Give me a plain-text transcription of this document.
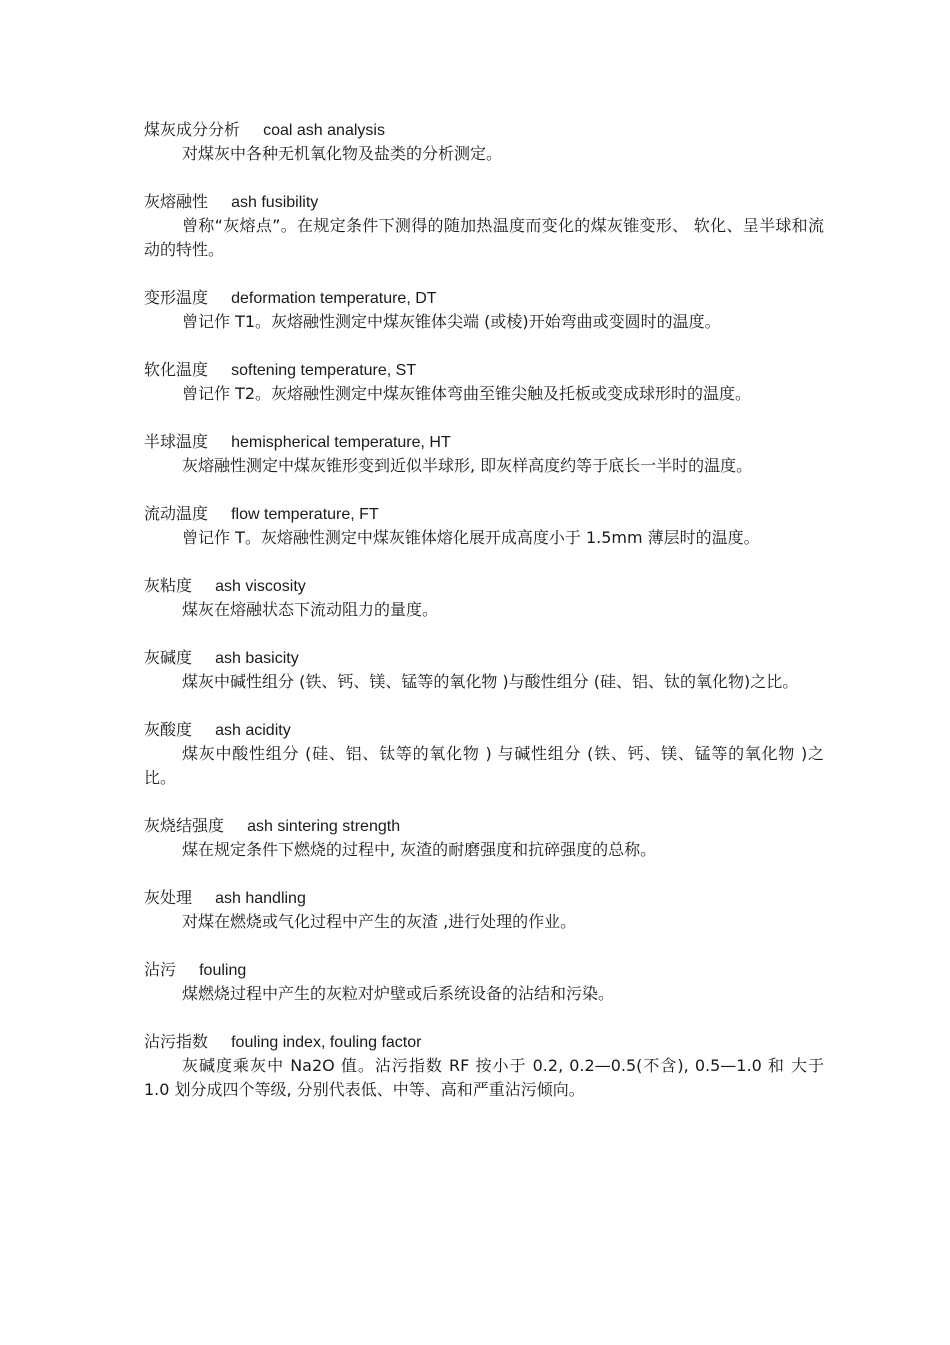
煤灰成分分析 coal ash analysis

对煤灰中各种无机氧化物及盐类的分析测定。

灰熔融性 ash fusibility

曾称“灰熔点”。在规定条件下测得的随加热温度而变化的煤灰锥变形、 软化、呈半球和流动的特性。

变形温度 deformation temperature, DT

曾记作 T1。灰熔融性测定中煤灰锥体尖端 (或棱)开始弯曲或变圆时的温度。

软化温度 softening temperature, ST

曾记作 T2。灰熔融性测定中煤灰锥体弯曲至锥尖触及托板或变成球形时的温度。

半球温度 hemispherical temperature, HT

灰熔融性测定中煤灰锥形变到近似半球形, 即灰样高度约等于底长一半时的温度。

流动温度 flow temperature, FT

曾记作 T。灰熔融性测定中煤灰锥体熔化展开成高度小于 1.5mm 薄层时的温度。

灰粘度 ash viscosity

煤灰在熔融状态下流动阻力的量度。

灰碱度 ash basicity

煤灰中碱性组分 (铁、钙、镁、锰等的氧化物 )与酸性组分 (硅、铝、钛的氧化物)之比。

灰酸度 ash acidity

煤灰中酸性组分 (硅、铝、钛等的氧化物 ) 与碱性组分 (铁、钙、镁、锰等的氧化物 )之比。

灰烧结强度 ash sintering strength

煤在规定条件下燃烧的过程中, 灰渣的耐磨强度和抗碎强度的总称。

灰处理 ash handling

对煤在燃烧或气化过程中产生的灰渣 ,进行处理的作业。

沾污 fouling

煤燃烧过程中产生的灰粒对炉壁或后系统设备的沾结和污染。

沾污指数 fouling index, fouling factor

灰碱度乘灰中 Na2O 值。沾污指数 RF 按小于 0.2, 0.2—0.5(不含), 0.5—1.0 和 大于 1.0 划分成四个等级, 分别代表低、中等、高和严重沾污倾向。
